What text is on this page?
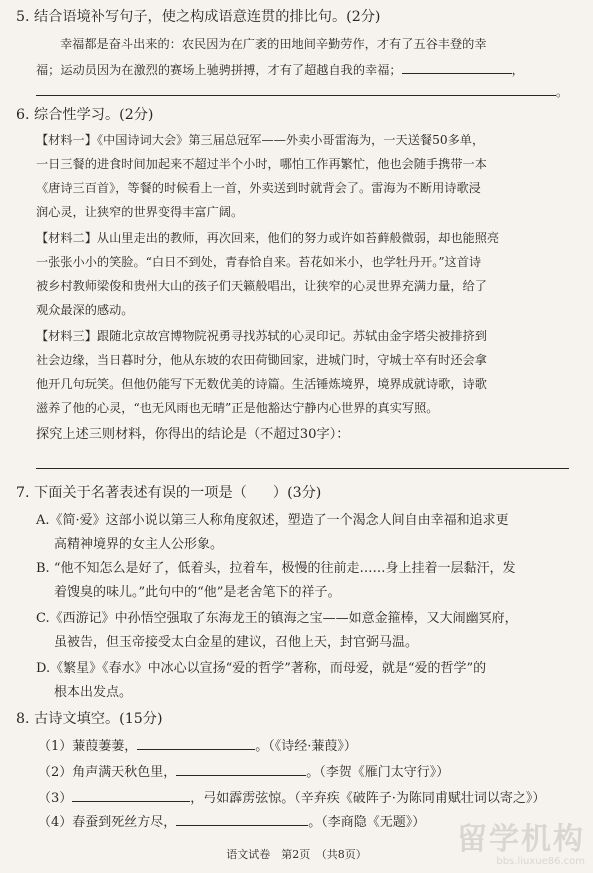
5. 结合语境补写句子，使之构成语意连贯的排比句。(2分)
幸福都是奋斗出来的：农民因为在广袤的田地间辛勤劳作，才有了五谷丰登的幸
福；运动员因为在激烈的赛场上驰骋拼搏，才有了超越自我的幸福；	，
。
6. 综合性学习。(2分)
【材料一】《中国诗词大会》第三届总冠军——外卖小哥雷海为，一天送餐50多单，
一日三餐的进食时间加起来不超过半个小时，哪怕工作再繁忙，他也会随手携带一本
《唐诗三百首》，等餐的时候看上一首，外卖送到时就背会了。雷海为不断用诗歌浸
润心灵，让狭窄的世界变得丰富广阔。
【材料二】从山里走出的教师，再次回来，他们的努力或许如苔藓般微弱，却也能照亮
一张张小小的笑脸。“白日不到处，青春恰自来。苔花如米小，也学牡丹开。”这首诗
被乡村教师梁俊和贵州大山的孩子们天籁般唱出，让狭窄的心灵世界充满力量，给了
观众最深的感动。
【材料三】跟随北京故宫博物院祝勇寻找苏轼的心灵印记。苏轼由金字塔尖被排挤到
社会边缘，当日暮时分，他从东坡的农田荷锄回家，进城门时，守城士卒有时还会拿
他开几句玩笑。但他仍能写下无数优美的诗篇。生活锤炼境界，境界成就诗歌，诗歌
滋养了他的心灵，“也无风雨也无晴”正是他豁达宁静内心世界的真实写照。
探究上述三则材料，你得出的结论是（不超过30字）：
7. 下面关于名著表述有误的一项是（ ）(3分)
A.《简·爱》这部小说以第三人称角度叙述，塑造了一个渴念人间自由幸福和追求更
高精神境界的女主人公形象。
B. “他不知怎么是好了，低着头，拉着车，极慢的往前走……身上挂着一层黏汗，发
着馊臭的味儿。”此句中的“他”是老舍笔下的祥子。
C.《西游记》中孙悟空强取了东海龙王的镇海之宝——如意金箍棒，又大闹幽冥府，
虽被告，但玉帝接受太白金星的建议，召他上天，封官弼马温。
D.《繁星》《春水》中冰心以宣扬“爱的哲学”著称，而母爱，就是“爱的哲学”的
根本出发点。
8. 古诗文填空。(15分)
（1）蒹葭萋萋，	。（《诗经·蒹葭》）
（2）角声满天秋色里，	。（李贺《雁门太守行》）
（3）	，弓如霹雳弦惊。（辛弃疾《破阵子·为陈同甫赋壮词以寄之》）
（4）春蚕到死丝方尽，	。（李商隐《无题》）
语文试卷　第2页　（共8页）	留学机构
bbs.liuxue86.com
